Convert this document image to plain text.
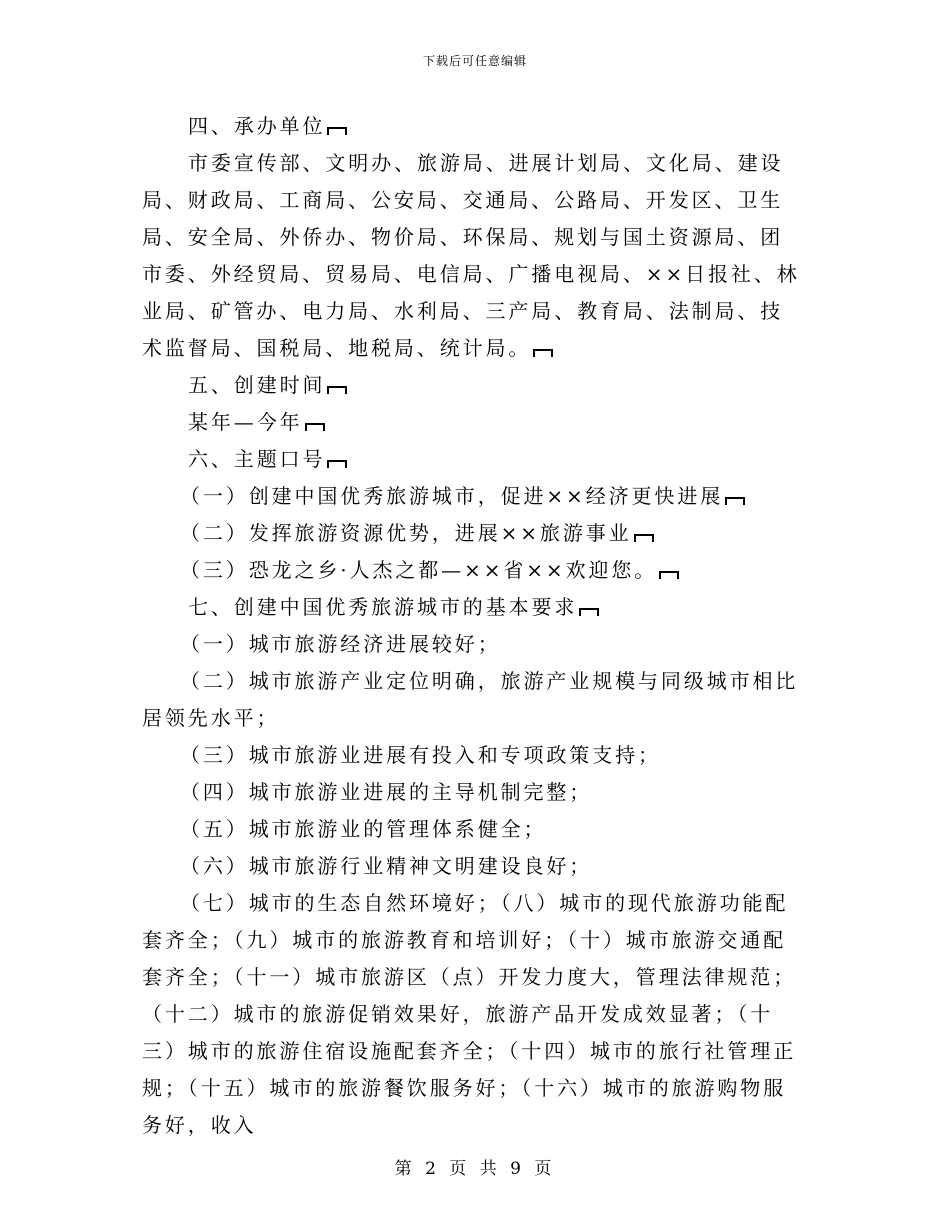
下载后可任意编辑

四、承办单位

市委宣传部、文明办、旅游局、进展计划局、文化局、建设局、财政局、工商局、公安局、交通局、公路局、开发区、卫生局、安全局、外侨办、物价局、环保局、规划与国土资源局、团市委、外经贸局、贸易局、电信局、广播电视局、××日报社、林业局、矿管办、电力局、水利局、三产局、教育局、法制局、技术监督局、国税局、地税局、统计局。

五、创建时间

某年—今年

六、主题口号

（一）创建中国优秀旅游城市，促进××经济更快进展

（二）发挥旅游资源优势，进展××旅游事业

（三）恐龙之乡·人杰之都—××省××欢迎您。

七、创建中国优秀旅游城市的基本要求

（一）城市旅游经济进展较好；

（二）城市旅游产业定位明确，旅游产业规模与同级城市相比居领先水平；

（三）城市旅游业进展有投入和专项政策支持；

（四）城市旅游业进展的主导机制完整；

（五）城市旅游业的管理体系健全；

（六）城市旅游行业精神文明建设良好；

（七）城市的生态自然环境好；（八）城市的现代旅游功能配套齐全；（九）城市的旅游教育和培训好；（十）城市旅游交通配套齐全；（十一）城市旅游区（点）开发力度大，管理法律规范；（十二）城市的旅游促销效果好，旅游产品开发成效显著；（十三）城市的旅游住宿设施配套齐全；（十四）城市的旅行社管理正规；（十五）城市的旅游餐饮服务好；（十六）城市的旅游购物服务好，收入

第 2 页 共 9 页
